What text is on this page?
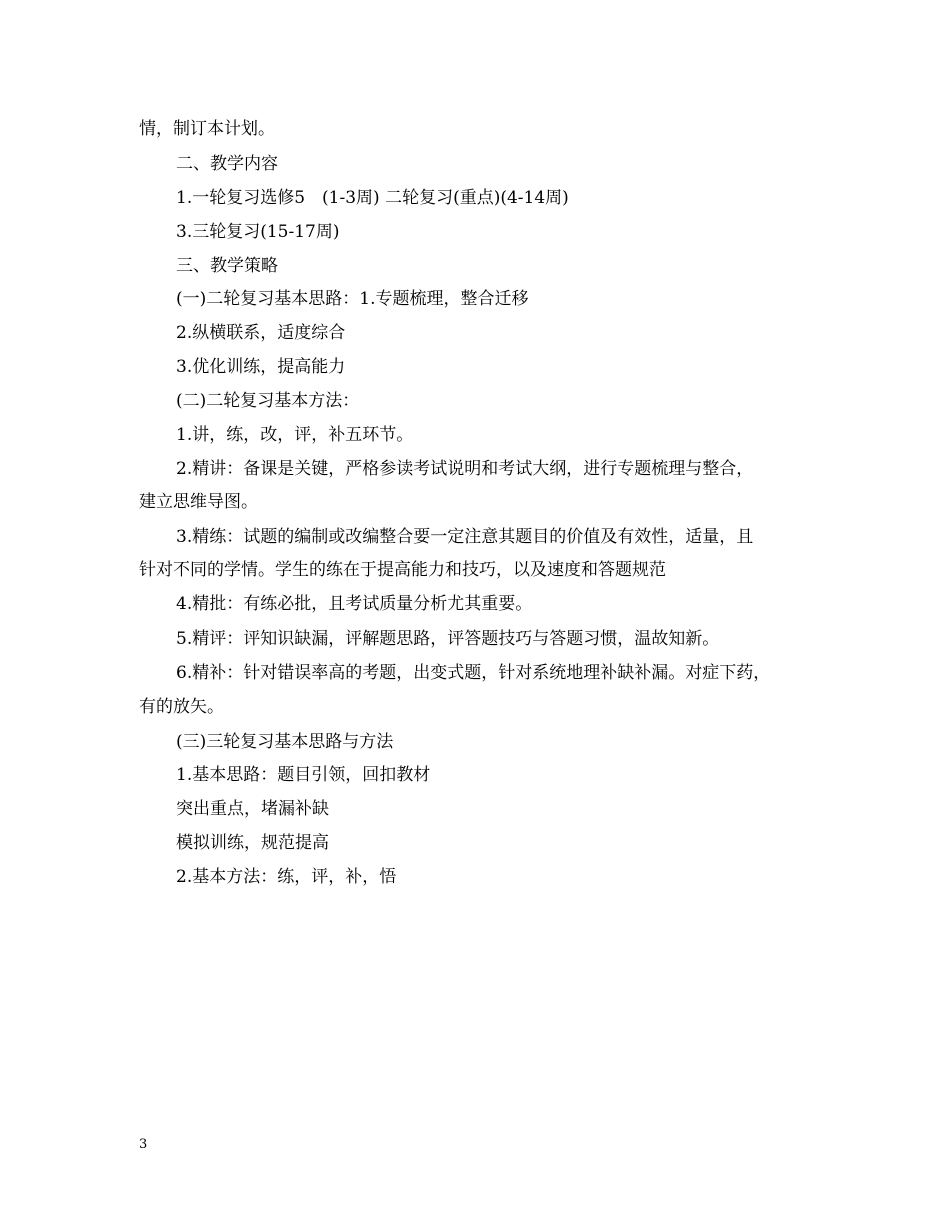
情，制订本计划。
二、教学内容
1.一轮复习选修5　(1-3周) 二轮复习(重点)(4-14周)
3.三轮复习(15-17周)
三、教学策略
(一)二轮复习基本思路：1.专题梳理，整合迁移
2.纵横联系，适度综合
3.优化训练，提高能力
(二)二轮复习基本方法：
1.讲，练，改，评，补五环节。
2.精讲：备课是关键，严格参读考试说明和考试大纲，进行专题梳理与整合，
建立思维导图。
3.精练：试题的编制或改编整合要一定注意其题目的价值及有效性，适量，且
针对不同的学情。学生的练在于提高能力和技巧，以及速度和答题规范
4.精批：有练必批，且考试质量分析尤其重要。
5.精评：评知识缺漏，评解题思路，评答题技巧与答题习惯，温故知新。
6.精补：针对错误率高的考题，出变式题，针对系统地理补缺补漏。对症下药，
有的放矢。
(三)三轮复习基本思路与方法
1.基本思路：题目引领，回扣教材
突出重点，堵漏补缺
模拟训练，规范提高
2.基本方法：练，评，补，悟
3
